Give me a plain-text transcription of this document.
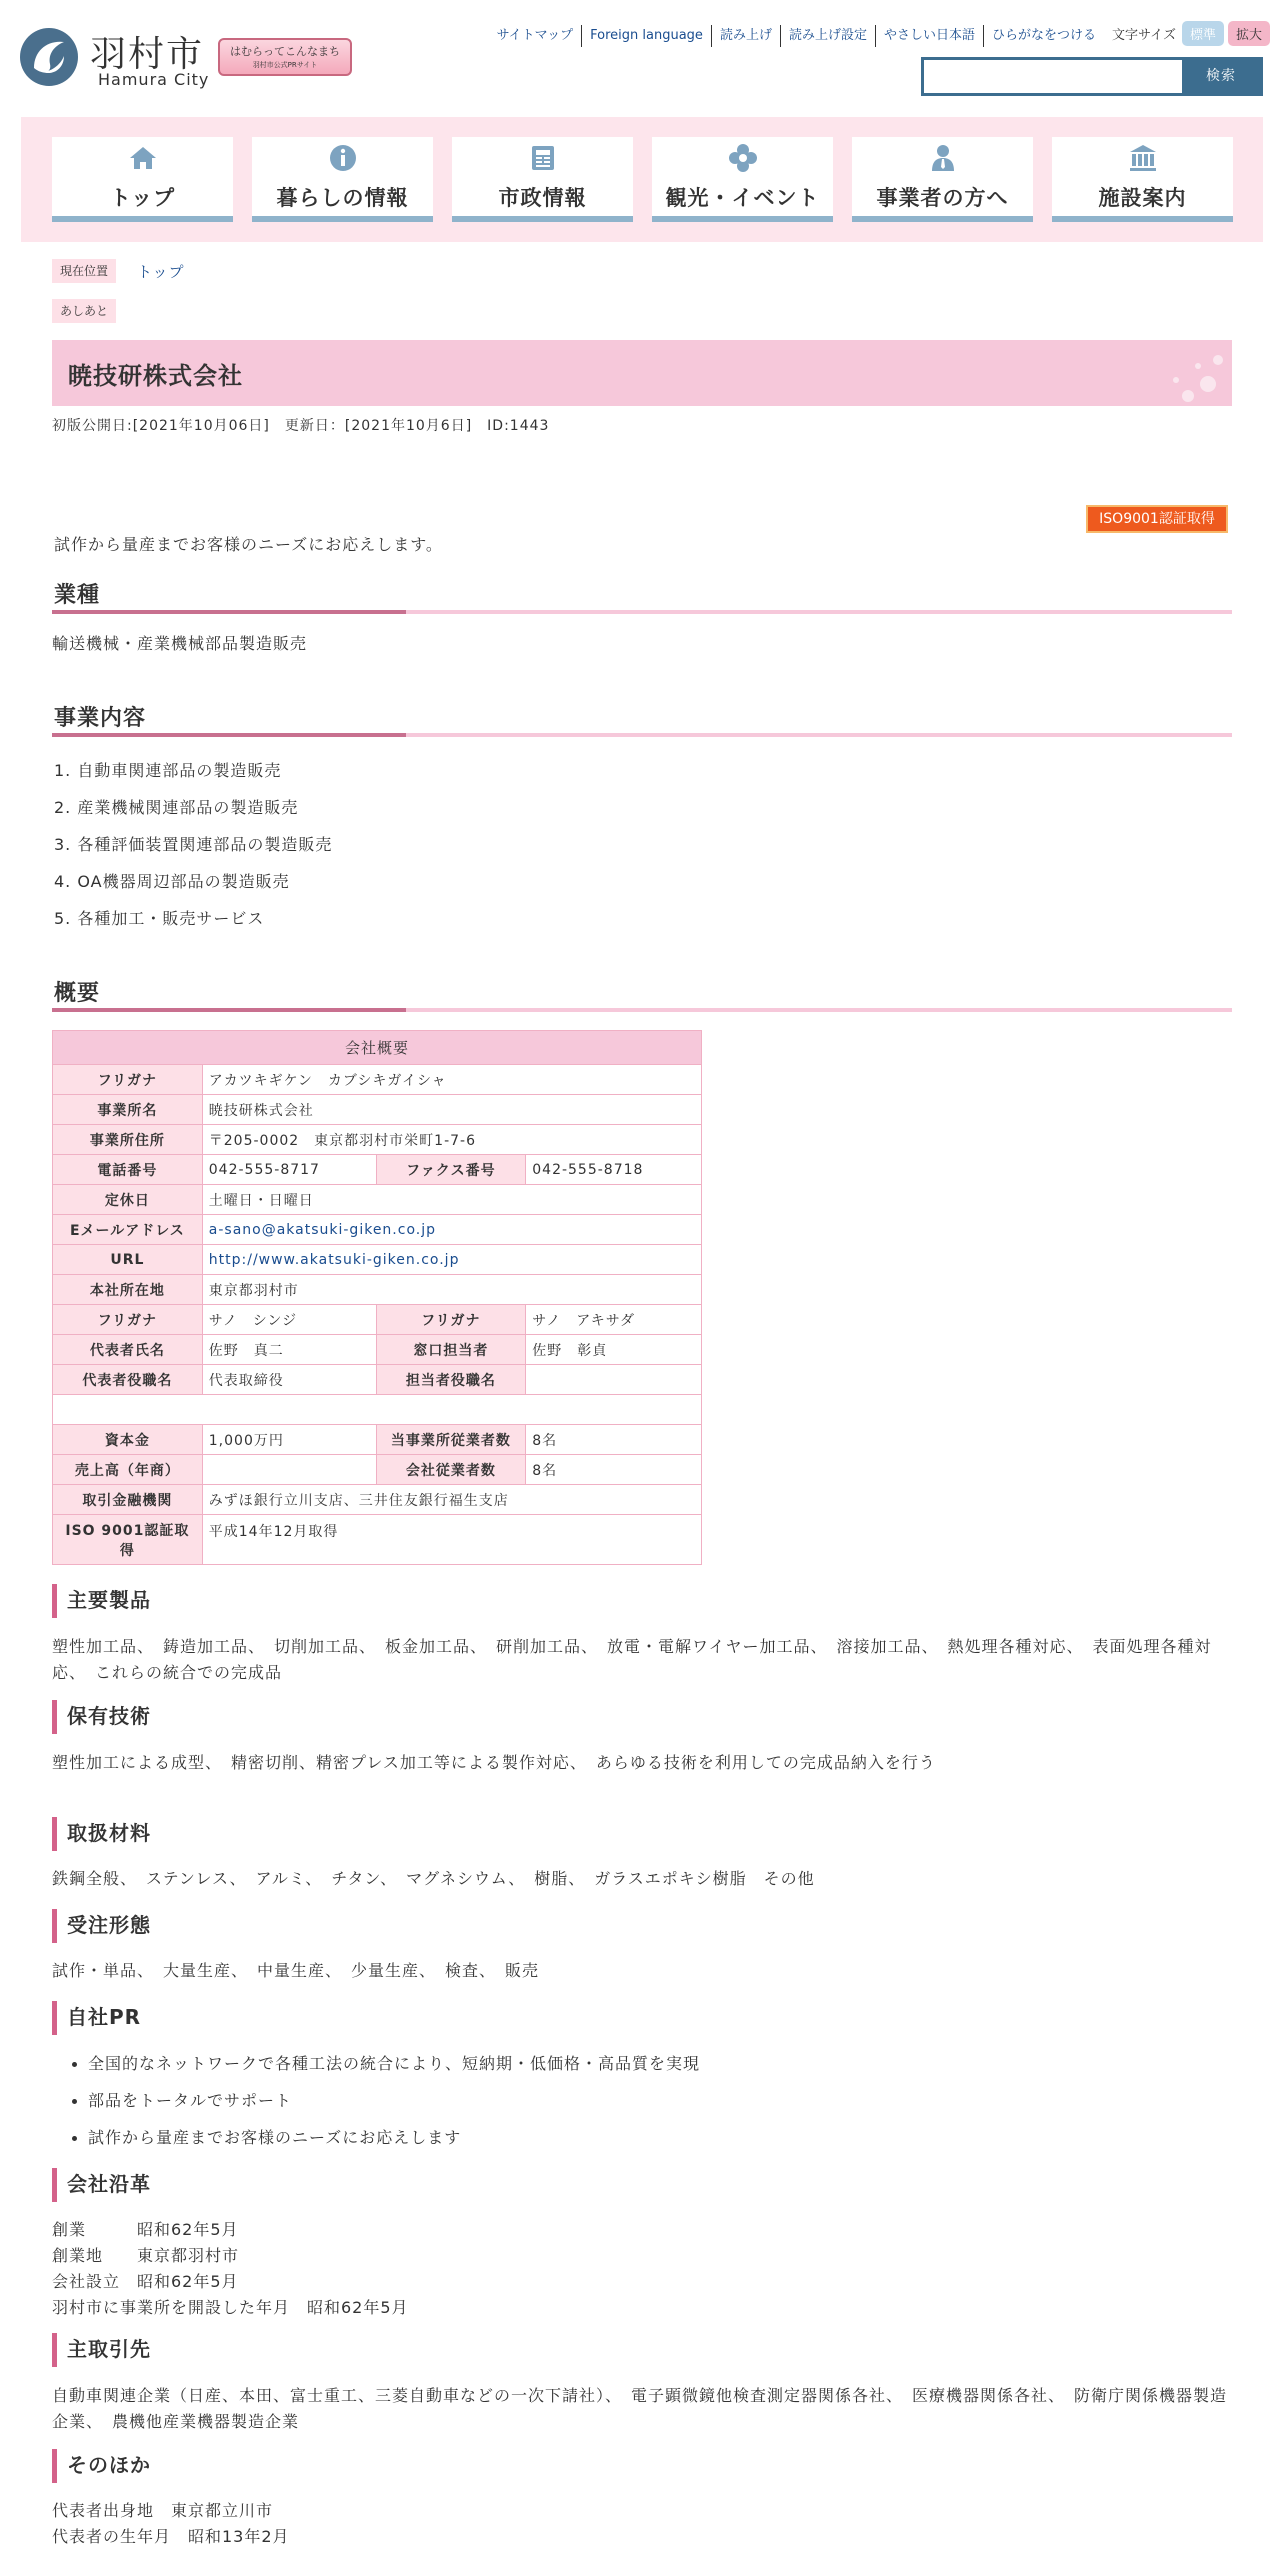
羽村市
Hamura City
はむらってこんなまち
羽村市公式PRサイト
サイトマップ Foreign language 読み上げ 読み上げ設定 やさしい日本語 ひらがなをつける 文字サイズ 標準 拡大
検索
トップ	暮らしの情報	市政情報	観光・イベント	事業者の方へ	施設案内
現在位置	トップ
あしあと
暁技研株式会社
初版公開日:[2021年10月06日]　更新日：[2021年10月6日]　ID:1443
ISO9001認証取得
試作から量産までお客様のニーズにお応えします。
業種
輸送機械・産業機械部品製造販売
事業内容
1. 自動車関連部品の製造販売
2. 産業機械関連部品の製造販売
3. 各種評価装置関連部品の製造販売
4. OA機器周辺部品の製造販売
5. 各種加工・販売サービス
概要
会社概要			
フリガナ	アカツキギケン　カブシキガイシャ		
事業所名	暁技研株式会社		
事業所住所	〒205-0002　東京都羽村市栄町1-7-6		
電話番号	042-555-8717	ファクス番号	042-555-8718
定休日	土曜日・日曜日		
Eメールアドレス	a-sano@akatsuki-giken.co.jp		
URL	http://www.akatsuki-giken.co.jp		
本社所在地	東京都羽村市		
フリガナ	サノ　シンジ	フリガナ	サノ　アキサダ
代表者氏名	佐野　真二	窓口担当者	佐野　彰貞
代表者役職名	代表取締役	担当者役職名	

資本金	1,000万円	当事業所従業者数	8名
売上高（年商）		会社従業者数	8名
取引金融機関	みずほ銀行立川支店、三井住友銀行福生支店		
ISO 9001認証取得	平成14年12月取得		
主要製品
塑性加工品、　鋳造加工品、　切削加工品、　板金加工品、　研削加工品、　放電・電解ワイヤー加工品、　溶接加工品、　熱処理各種対応、　表面処理各種対応、　これらの統合での完成品
保有技術
塑性加工による成型、　精密切削、精密プレス加工等による製作対応、　あらゆる技術を利用しての完成品納入を行う
取扱材料
鉄鋼全般、　ステンレス、　アルミ、　チタン、　マグネシウム、　樹脂、　ガラスエポキシ樹脂　その他
受注形態
試作・単品、　大量生産、　中量生産、　少量生産、　検査、　販売
自社PR
全国的なネットワークで各種工法の統合により、短納期・低価格・高品質を実現
部品をトータルでサポート
試作から量産までお客様のニーズにお応えします
会社沿革
創業　　　昭和62年5月
創業地　　東京都羽村市
会社設立　昭和62年5月
羽村市に事業所を開設した年月　昭和62年5月
主取引先
自動車関連企業（日産、本田、富士重工、三菱自動車などの一次下請社）、　電子顕微鏡他検査測定器関係各社、　医療機器関係各社、　防衛庁関係機器製造企業、　農機他産業機器製造企業
そのほか
代表者出身地　東京都立川市
代表者の生年月　昭和13年2月
